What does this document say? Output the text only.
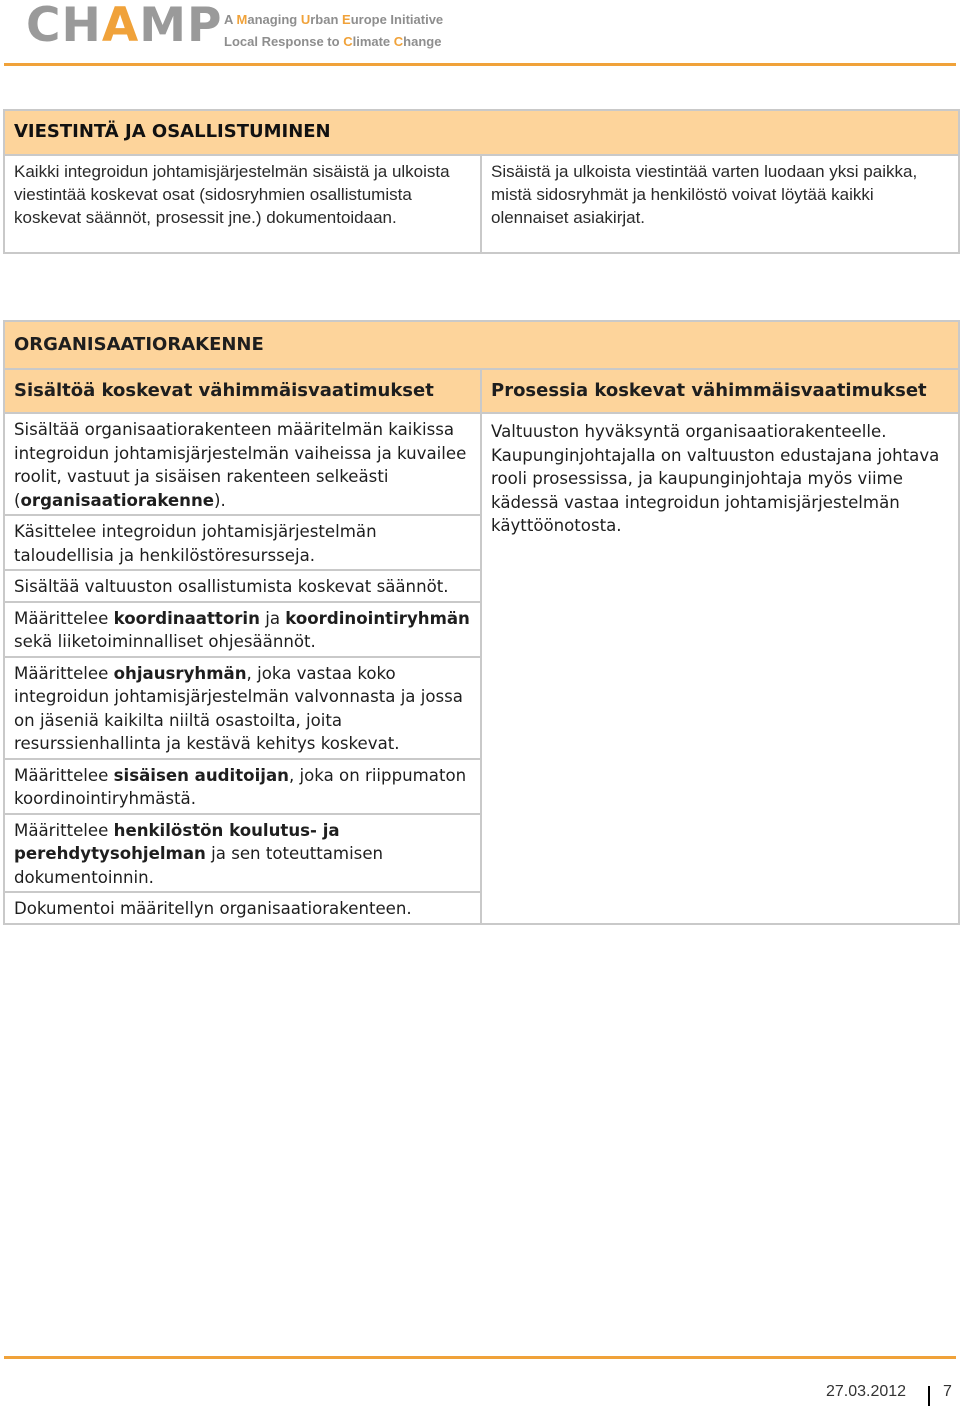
CHAMP A Managing Urban Europe Initiative
Local Response to Climate Change
VIESTINTÄ JA OSALLISTUMINEN
Kaikki integroidun johtamisjärjestelmän sisäistä ja ulkoista viestintää koskevat osat (sidosryhmien osallistumista koskevat säännöt, prosessit jne.) dokumentoidaan.	Sisäistä ja ulkoista viestintää varten luodaan yksi paikka, mistä sidosryhmät ja henkilöstö voivat löytää kaikki olennaiset asiakirjat.
ORGANISAATIORAKENNE	
Sisältöä koskevat vähimmäisvaatimukset	Prosessia koskevat vähimmäisvaatimukset
Sisältää organisaatiorakenteen määritelmän kaikissa integroidun johtamisjärjestelmän vaiheissa ja kuvailee roolit, vastuut ja sisäisen rakenteen selkeästi (organisaatiorakenne).	Valtuuston hyväksyntä organisaatiorakenteelle. Kaupunginjohtajalla on valtuuston edustajana johtava rooli prosessissa, ja kaupunginjohtaja myös viime kädessä vastaa integroidun johtamisjärjestelmän käyttöönotosta.
Käsittelee integroidun johtamisjärjestelmän taloudellisia ja henkilöstöresursseja.	
Sisältää valtuuston osallistumista koskevat säännöt.	
Määrittelee koordinaattorin ja koordinointiryhmän sekä liiketoiminnalliset ohjesäännöt.	
Määrittelee ohjausryhmän, joka vastaa koko integroidun johtamisjärjestelmän valvonnasta ja jossa on jäseniä kaikilta niiltä osastoilta, joita resurssienhallinta ja kestävä kehitys koskevat.	
Määrittelee sisäisen auditoijan, joka on riippumaton koordinointiryhmästä.	
Määrittelee henkilöstön koulutus- ja perehdytysohjelman ja sen toteuttamisen dokumentoinnin.	
Dokumentoi määritellyn organisaatiorakenteen.	
27.03.2012 7
